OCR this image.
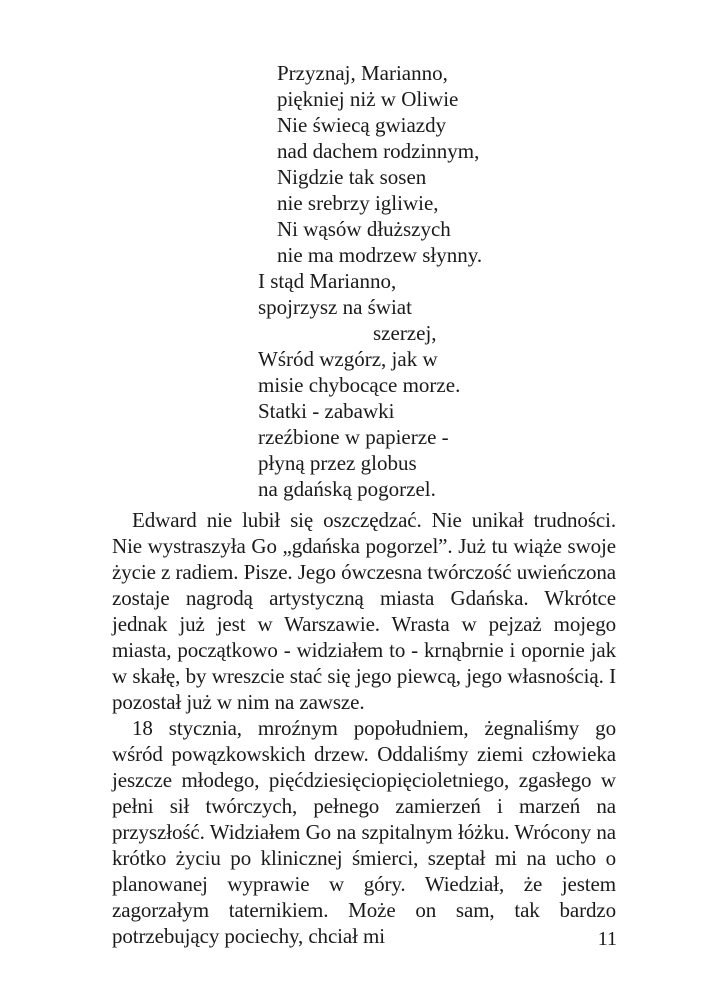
Przyznaj, Marianno,
piękniej niż w Oliwie
Nie świecą gwiazdy
nad dachem rodzinnym,
Nigdzie tak sosen
nie srebrzy igliwie,
Ni wąsów dłuższych
nie ma modrzew słynny.
I stąd Marianno,
spojrzysz na świat
szerzej,
Wśród wzgórz, jak w
misie chybocące morze.
Statki - zabawki
rzeźbione w papierze -
płyną przez globus
na gdańską pogorzel.

Edward nie lubił się oszczędzać. Nie unikał trudności. Nie wystraszyła Go „gdańska pogorzel”. Już tu wiąże swoje życie z radiem. Pisze. Jego ówczesna twórczość uwieńczona zostaje nagrodą artystyczną miasta Gdańska. Wkrótce jednak już jest w Warszawie. Wrasta w pejzaż mojego miasta, początkowo - widziałem to - krnąbrnie i opornie jak w skałę, by wreszcie stać się jego piewcą, jego własnością. I pozostał już w nim na zawsze.

18 stycznia, mroźnym popołudniem, żegnaliśmy go wśród powązkowskich drzew. Oddaliśmy ziemi człowieka jeszcze młodego, pięćdziesięciopięcioletniego, zgasłego w pełni sił twórczych, pełnego zamierzeń i marzeń na przyszłość. Widziałem Go na szpitalnym łóżku. Wrócony na krótko życiu po klinicznej śmierci, szeptał mi na ucho o planowanej wyprawie w góry. Wiedział, że jestem zagorzałym taternikiem. Może on sam, tak bardzo potrzebujący pociechy, chciał mi	11
